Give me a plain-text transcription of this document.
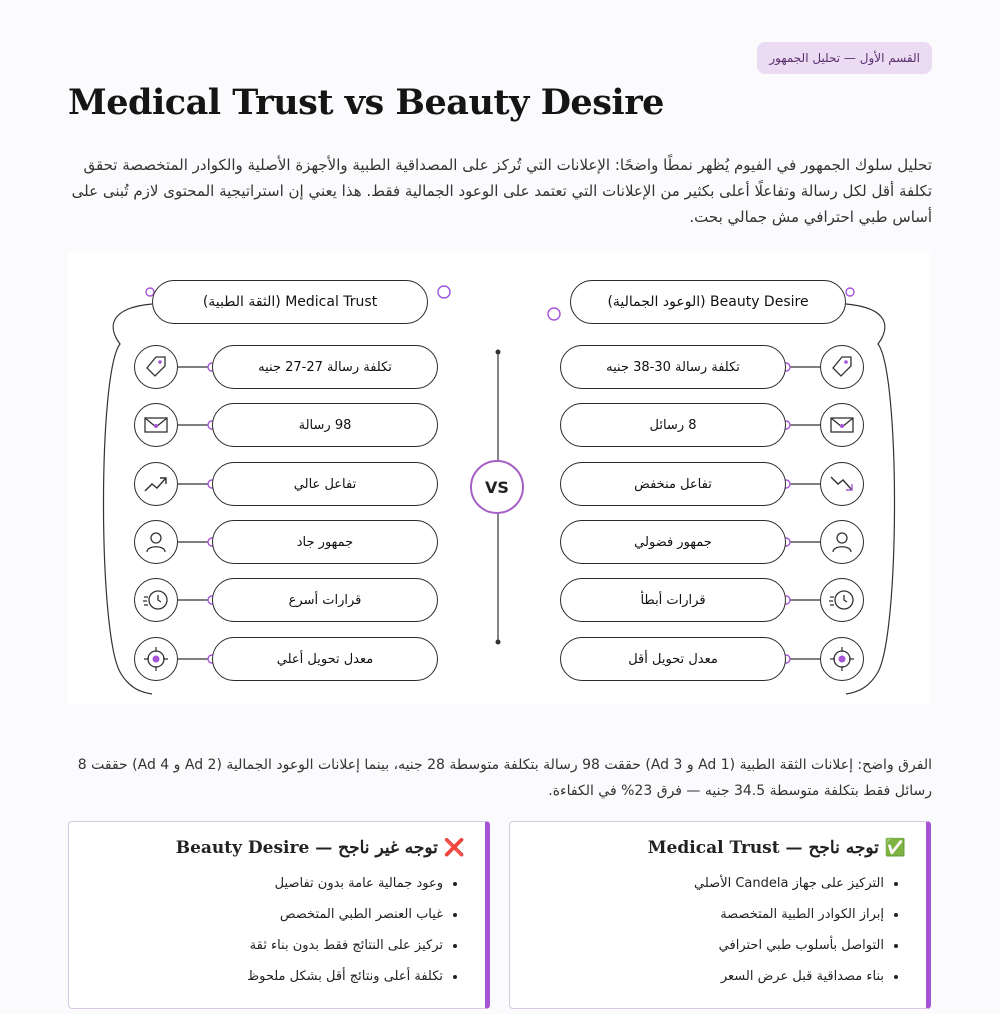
القسم الأول — تحليل الجمهور
Medical Trust vs Beauty Desire

تحليل سلوك الجمهور في الفيوم يُظهر نمطًا واضحًا: الإعلانات التي تُركز على المصداقية الطبية والأجهزة الأصلية والكوادر المتخصصة تحقق تكلفة أقل لكل رسالة وتفاعلًا أعلى بكثير من الإعلانات التي تعتمد على الوعود الجمالية فقط. هذا يعني إن استراتيجية المحتوى لازم تُبنى على أساس طبي احترافي مش جمالي بحت.

Medical Trust (الثقة الطبية)
تكلفة رسالة 27-27 جنيه
98 رسالة
تفاعل عالي
جمهور جاد
قرارات أسرع
معدل تحويل أعلي
VS
Beauty Desire (الوعود الجمالية)
تكلفة رسالة 30-38 جنيه
8 رسائل
تفاعل منخفض
جمهور فضولي
قرارات أبطأ
معدل تحويل أقل

الفرق واضح: إعلانات الثقة الطبية (Ad 1 و Ad 3) حققت 98 رسالة بتكلفة متوسطة 28 جنيه، بينما إعلانات الوعود الجمالية (Ad 2 و Ad 4) حققت 8 رسائل فقط بتكلفة متوسطة 34.5 جنيه — فرق 23% في الكفاءة.

✅ توجه ناجح — Medical Trust
• التركيز على جهاز Candela الأصلي
• إبراز الكوادر الطبية المتخصصة
• التواصل بأسلوب طبي احترافي
• بناء مصداقية قبل عرض السعر
❌ توجه غير ناجح — Beauty Desire
• وعود جمالية عامة بدون تفاصيل
• غياب العنصر الطبي المتخصص
• تركيز على النتائج فقط بدون بناء ثقة
• تكلفة أعلى ونتائج أقل بشكل ملحوظ
